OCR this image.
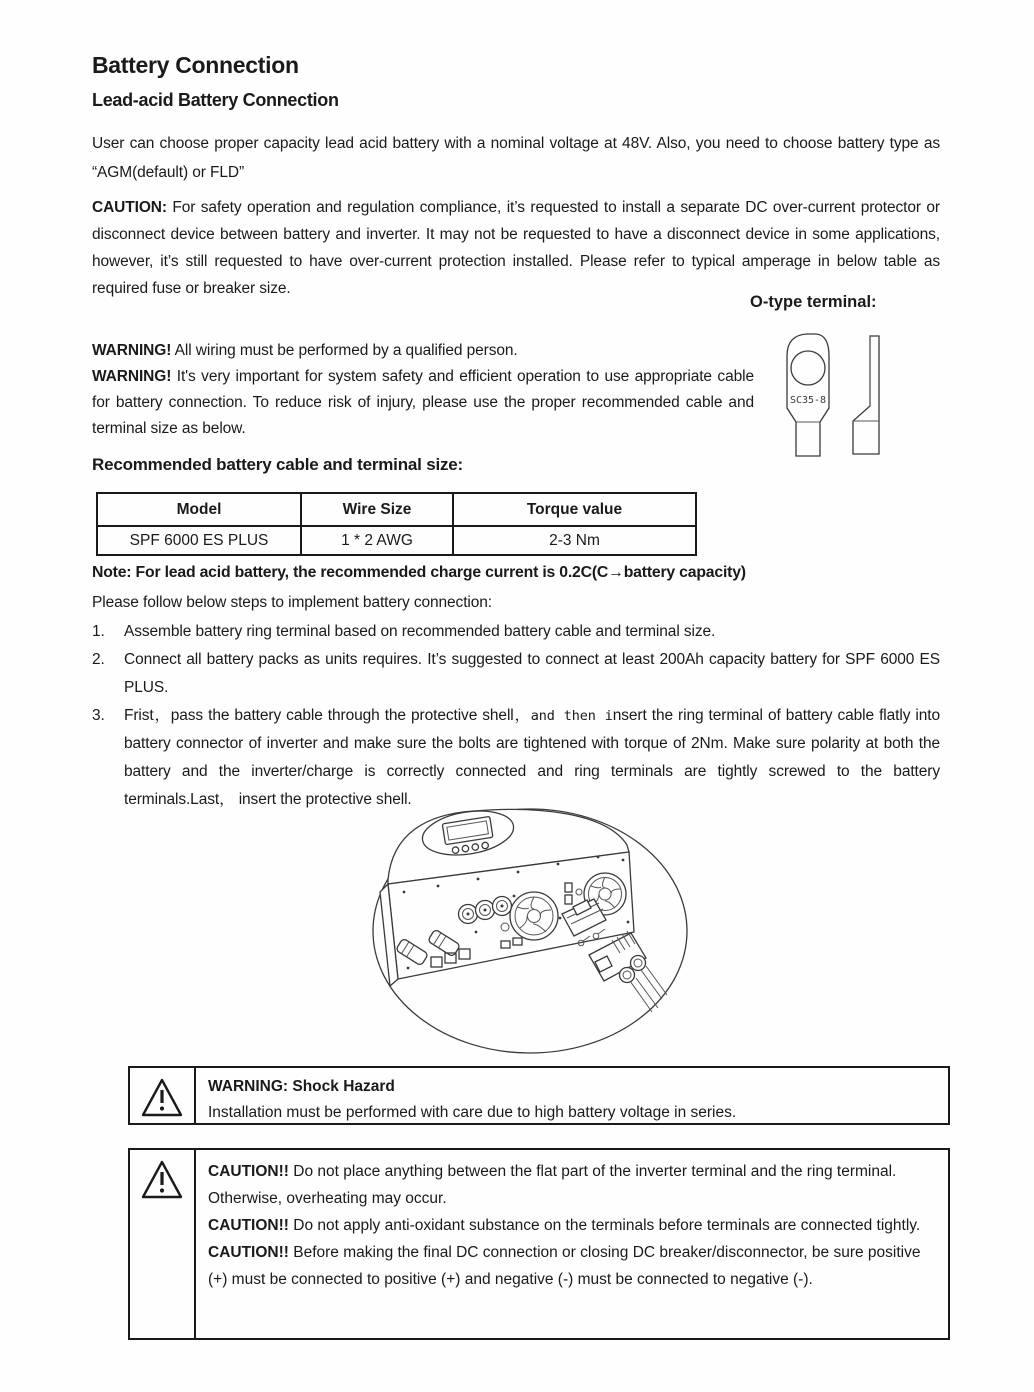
Battery Connection
Lead-acid Battery Connection

User can choose proper capacity lead acid battery with a nominal voltage at 48V. Also, you need to choose battery type as “AGM(default) or FLD”

CAUTION: For safety operation and regulation compliance, it’s requested to install a separate DC over-current protector or disconnect device between battery and inverter. It may not be requested to have a disconnect device in some applications, however, it’s still requested to have over-current protection installed. Please refer to typical amperage in below table as required fuse or breaker size.

O-type terminal:
SC35-8

WARNING! All wiring must be performed by a qualified person.

WARNING! It's very important for system safety and efficient operation to use appropriate cable for battery connection. To reduce risk of injury, please use the proper recommended cable and terminal size as below.

Recommended battery cable and terminal size:
Model	Wire Size	Torque value
SPF 6000 ES PLUS	1 * 2 AWG	2-3 Nm
Note: For lead acid battery, the recommended charge current is 0.2C(C→battery capacity)
Please follow below steps to implement battery connection:
1.	Assemble battery ring terminal based on recommended battery cable and terminal size.
2.	Connect all battery packs as units requires. It’s suggested to connect at least 200Ah capacity battery for SPF 6000 ES PLUS.
3.	Frist，pass the battery cable through the protective shell，and then insert the ring terminal of battery cable flatly into battery connector of inverter and make sure the bolts are tightened with torque of 2Nm. Make sure polarity at both the battery and the inverter/charge is correctly connected and ring terminals are tightly screwed to the battery terminals.Last， insert the protective shell.
WARNING: Shock Hazard
Installation must be performed with care due to high battery voltage in series.

CAUTION!! Do not place anything between the flat part of the inverter terminal and the ring terminal. Otherwise, overheating may occur.

CAUTION!! Do not apply anti-oxidant substance on the terminals before terminals are connected tightly.

CAUTION!! Before making the final DC connection or closing DC breaker/disconnector, be sure positive (+) must be connected to positive (+) and negative (-) must be connected to negative (-).
